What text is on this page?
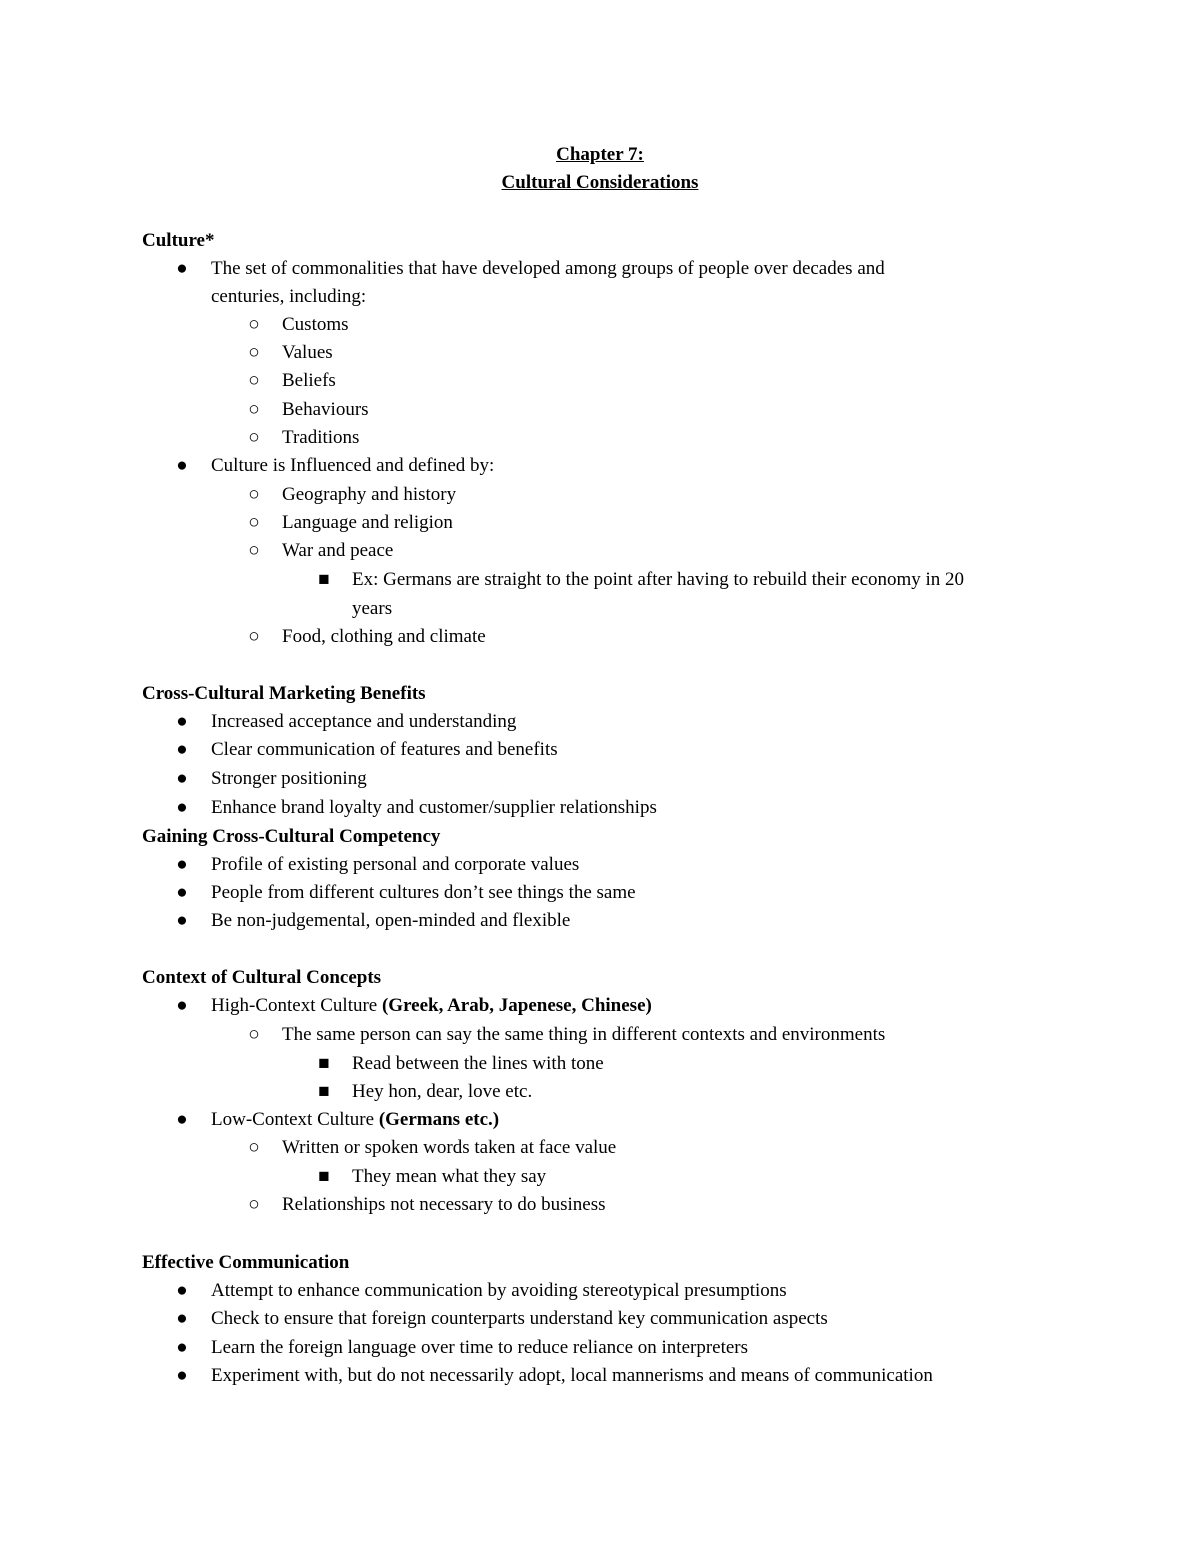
Chapter 7:
Cultural Considerations
Culture*
● The set of commonalities that have developed among groups of people over decades and
centuries, including:
○ Customs
○ Values
○ Beliefs
○ Behaviours
○ Traditions
● Culture is Influenced and defined by:
○ Geography and history
○ Language and religion
○ War and peace
■ Ex: Germans are straight to the point after having to rebuild their economy in 20
years
○ Food, clothing and climate
Cross-Cultural Marketing Benefits
● Increased acceptance and understanding
● Clear communication of features and benefits
● Stronger positioning
● Enhance brand loyalty and customer/supplier relationships
Gaining Cross-Cultural Competency
● Profile of existing personal and corporate values
● People from different cultures don’t see things the same
● Be non-judgemental, open-minded and flexible
Context of Cultural Concepts
● High-Context Culture (Greek, Arab, Japenese, Chinese)
○ The same person can say the same thing in different contexts and environments
■ Read between the lines with tone
■ Hey hon, dear, love etc.
● Low-Context Culture (Germans etc.)
○ Written or spoken words taken at face value
■ They mean what they say
○ Relationships not necessary to do business
Effective Communication
● Attempt to enhance communication by avoiding stereotypical presumptions
● Check to ensure that foreign counterparts understand key communication aspects
● Learn the foreign language over time to reduce reliance on interpreters
● Experiment with, but do not necessarily adopt, local mannerisms and means of communication
